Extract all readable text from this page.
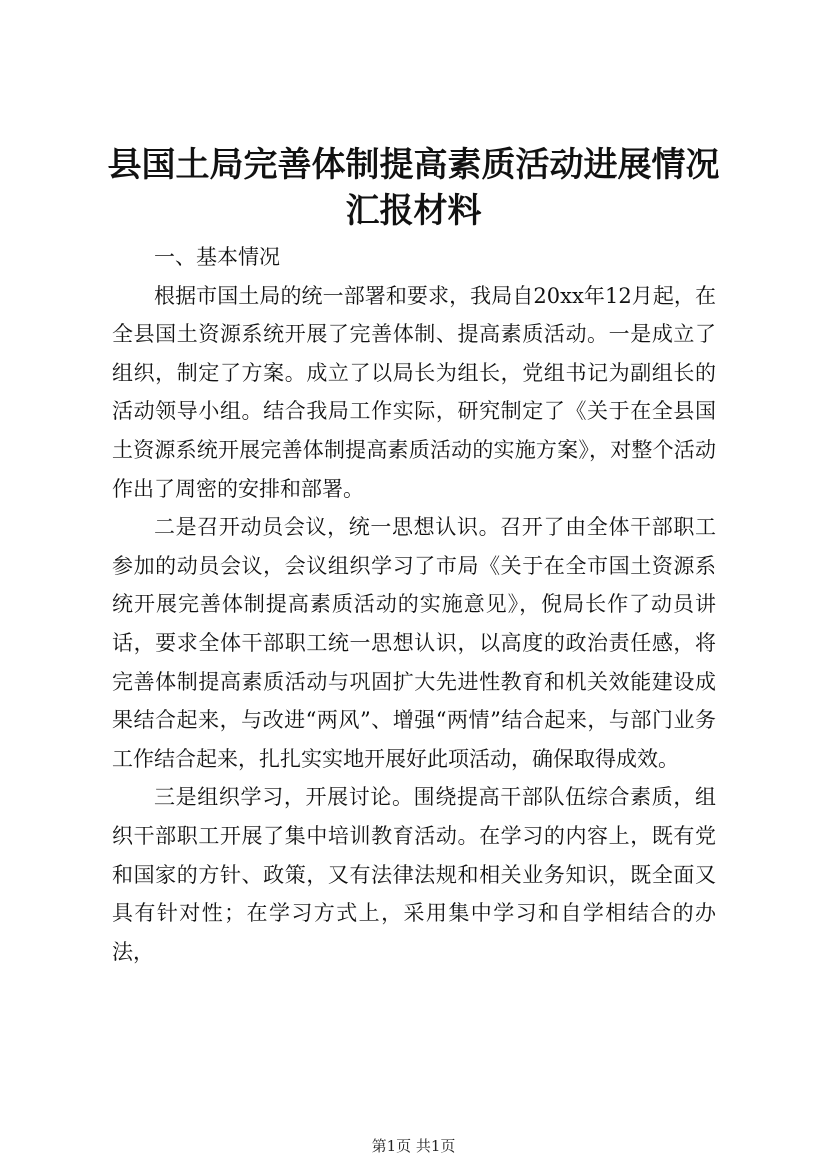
县国土局完善体制提高素质活动进展情况汇报材料

一、基本情况

根据市国土局的统一部署和要求，我局自20xx年12月起，在全县国土资源系统开展了完善体制、提高素质活动。一是成立了组织，制定了方案。成立了以局长为组长，党组书记为副组长的活动领导小组。结合我局工作实际，研究制定了《关于在全县国土资源系统开展完善体制提高素质活动的实施方案》，对整个活动作出了周密的安排和部署。

二是召开动员会议，统一思想认识。召开了由全体干部职工参加的动员会议，会议组织学习了市局《关于在全市国土资源系统开展完善体制提高素质活动的实施意见》，倪局长作了动员讲话，要求全体干部职工统一思想认识，以高度的政治责任感，将完善体制提高素质活动与巩固扩大先进性教育和机关效能建设成果结合起来，与改进“两风”、增强“两情”结合起来，与部门业务工作结合起来，扎扎实实地开展好此项活动，确保取得成效。

三是组织学习，开展讨论。围绕提高干部队伍综合素质，组织干部职工开展了集中培训教育活动。在学习的内容上，既有党和国家的方针、政策，又有法律法规和相关业务知识，既全面又具有针对性；在学习方式上，采用集中学习和自学相结合的办法，

第1页 共1页
